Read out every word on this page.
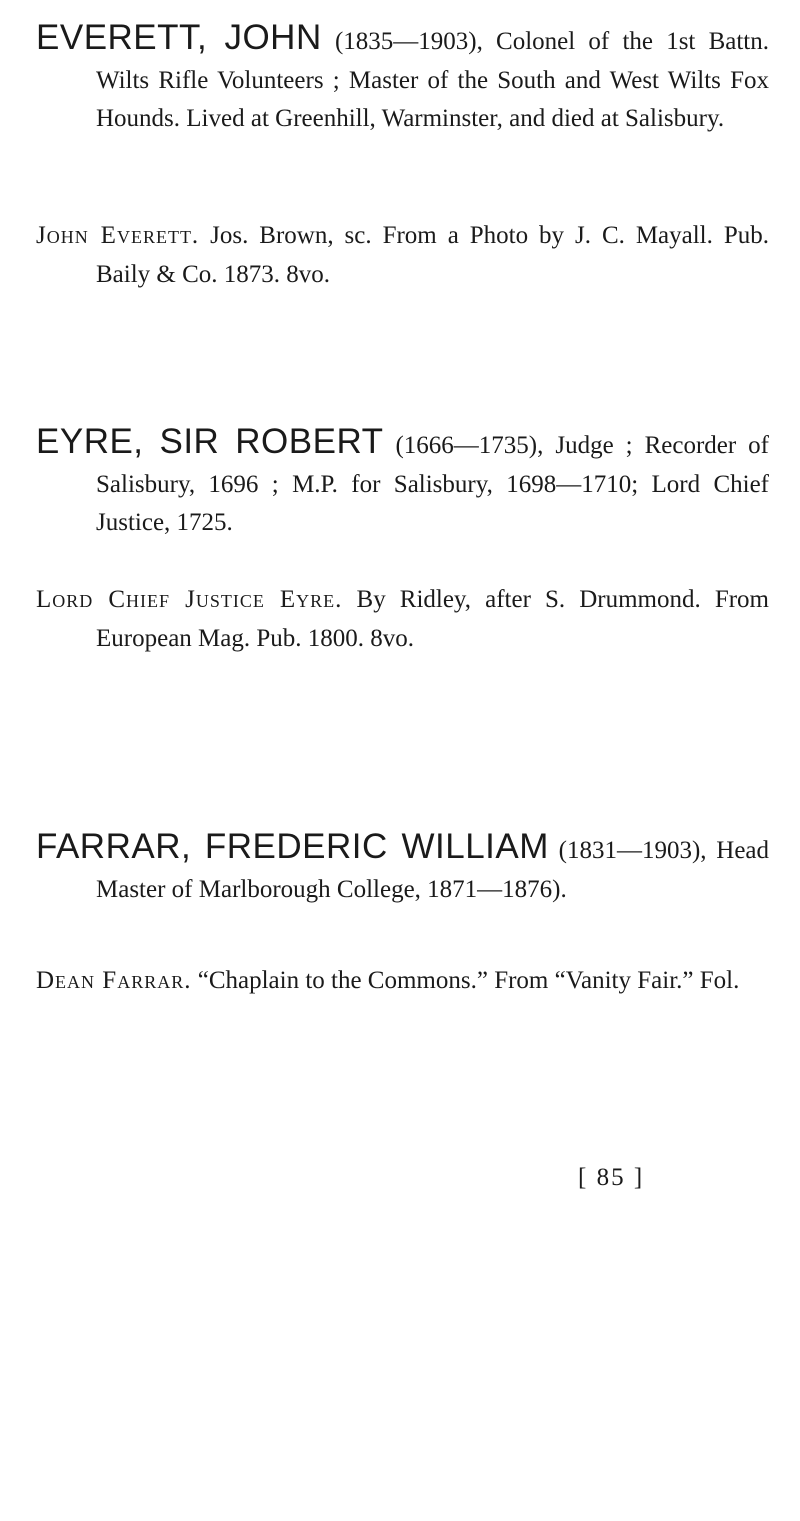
EVERETT, JOHN (1835—1903), Colonel of the 1st Battn. Wilts Rifle Volunteers ; Master of the South and West Wilts Fox Hounds. Lived at Greenhill, Warminster, and died at Salisbury.

John Everett. Jos. Brown, sc. From a Photo by J. C. Mayall. Pub. Baily & Co. 1873. 8vo.

EYRE, SIR ROBERT (1666—1735), Judge ; Recorder of Salisbury, 1696 ; M.P. for Salisbury, 1698—1710; Lord Chief Justice, 1725.

Lord Chief Justice Eyre. By Ridley, after S. Drummond. From European Mag. Pub. 1800. 8vo.

FARRAR, FREDERIC WILLIAM (1831—1903), Head Master of Marlborough College, 1871—1876).

Dean Farrar. “Chaplain to the Commons.” From “Vanity Fair.” Fol.

[ 85 ]
